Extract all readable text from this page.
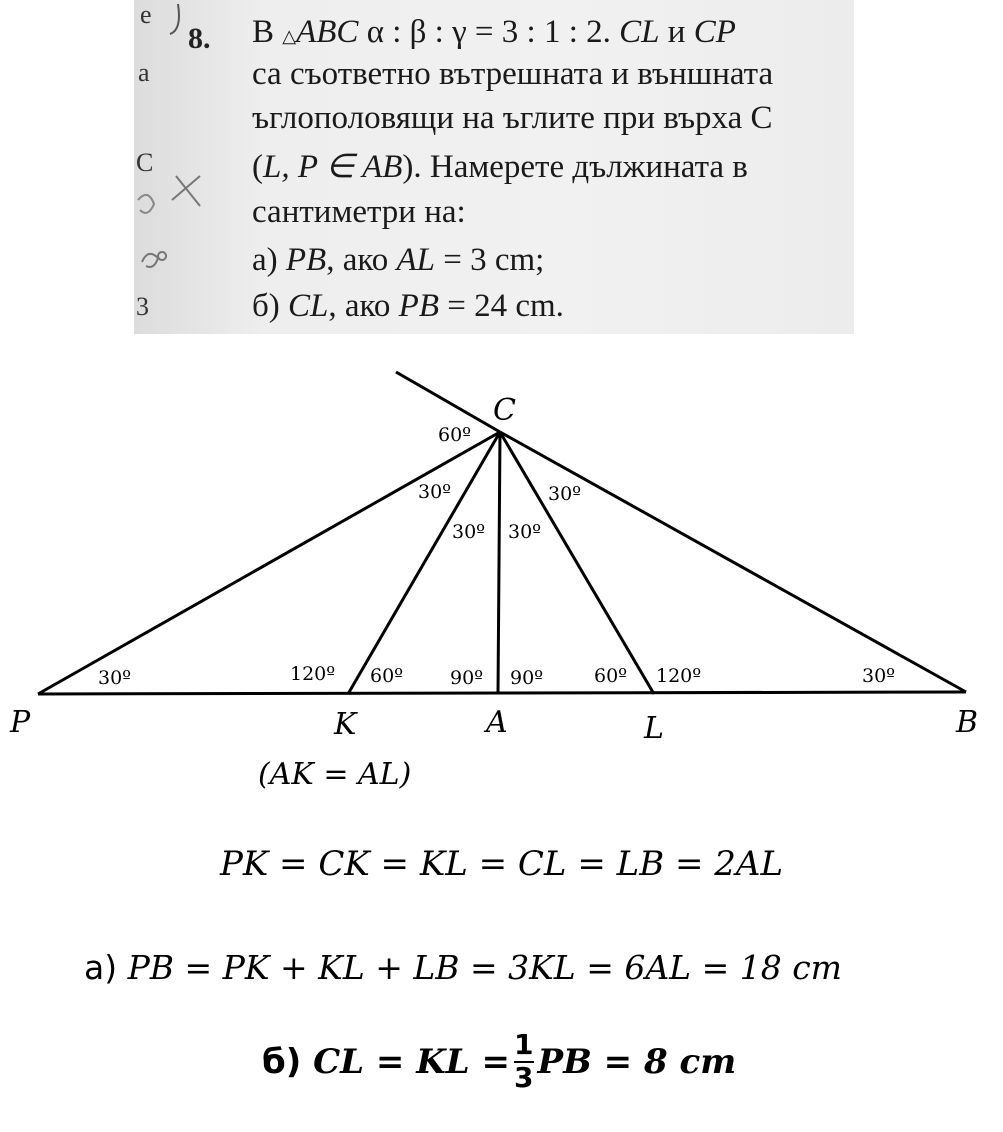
e
a
C
3
8. В △ABC α : β : γ = 3 : 1 : 2. CL и CP
са съответно вътрешната и външната
ъглополовящи на ъглите при върха C
(L, P ∈ AB). Намерете дължината в
сантиметри на:
а) PB, ако AL = 3 cm;
б) CL, ако PB = 24 cm.
C
P	K	A	L	B
60º
30º
30º 30º
30º
30º	120º 60º 90º 90º	60º 120º	30º
(AK = AL)
PK = CK = KL = CL = LB = 2AL
а) PB = PK + KL + LB = 3KL = 6AL = 18 cm
б)
CL = KL = $\frac{1}{3}$ PB = 8 cm
